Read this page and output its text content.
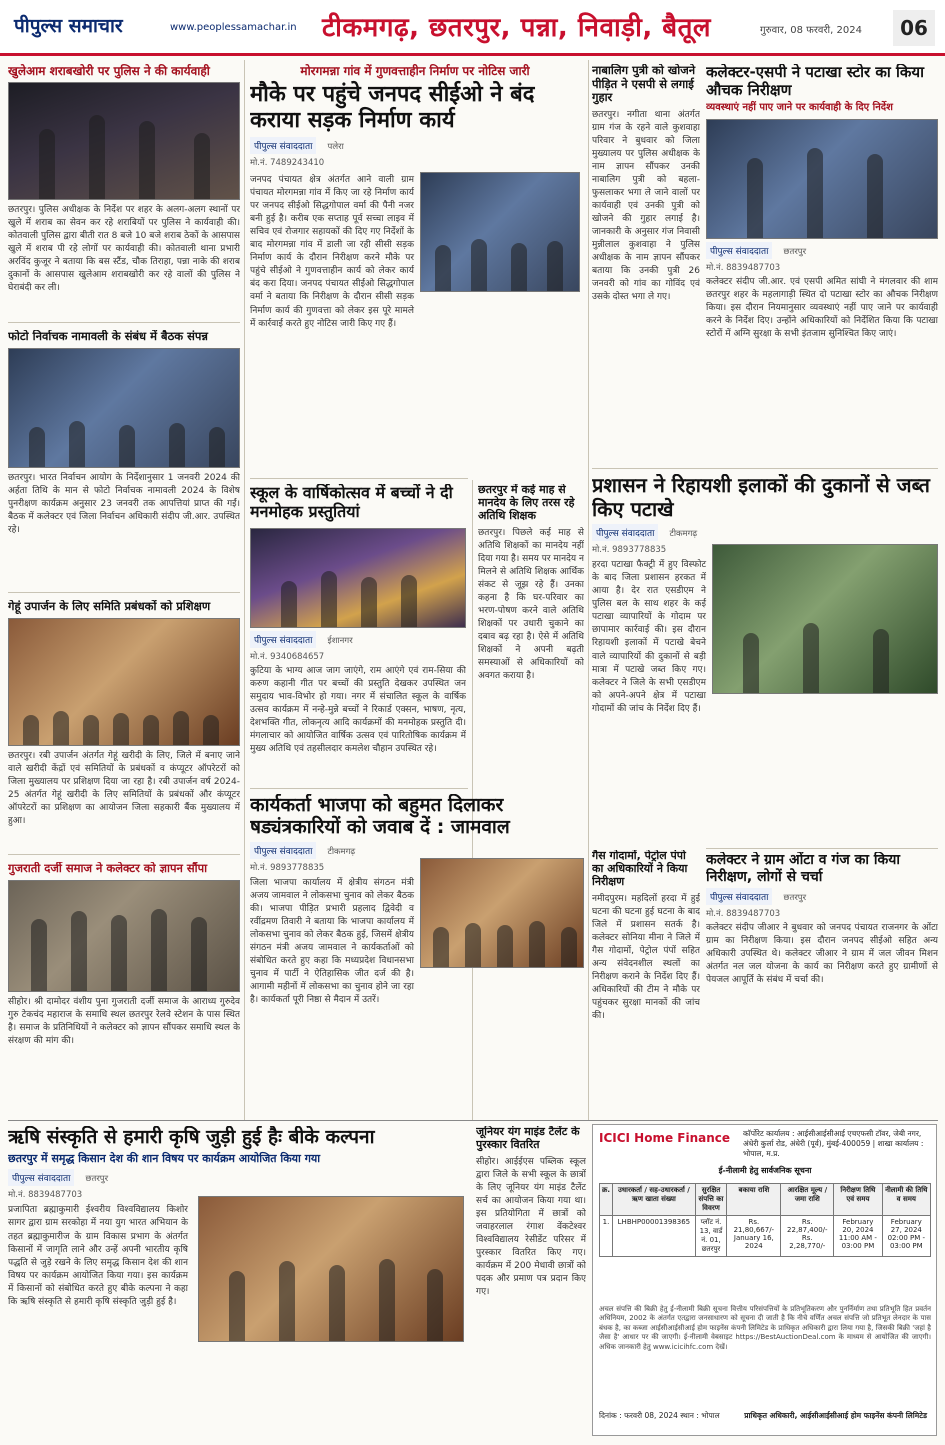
पीपुल्स समाचार	www.peoplessamachar.in टीकमगढ़, छतरपुर, पन्ना, निवाड़ी, बैतूल	गुरुवार, 08 फरवरी, 2024	06
खुलेआम शराबखोरी पर पुलिस ने की कार्यवाही

छतरपुर। पुलिस अधीक्षक के निर्देश पर शहर के अलग-अलग स्थानों पर खुले में शराब का सेवन कर रहे शराबियों पर पुलिस ने कार्यवाही की। कोतवाली पुलिस द्वारा बीती रात 8 बजे 10 बजे शराब ठेकों के आसपास खुले में शराब पी रहे लोगों पर कार्यवाही की। कोतवाली थाना प्रभारी अरविंद कुजूर ने बताया कि बस स्टैंड, चौक तिराहा, पन्ना नाके की शराब दुकानों के आसपास खुलेआम शराबखोरी कर रहे वालों की पुलिस ने घेराबंदी कर ली।

फोटो निर्वाचक नामावली के संबंध में बैठक संपन्न

छतरपुर। भारत निर्वाचन आयोग के निर्देशानुसार 1 जनवरी 2024 की अर्हता तिथि के मान से फोटो निर्वाचक नामावली 2024 के विशेष पुनरीक्षण कार्यक्रम अनुसार 23 जनवरी तक आपत्तियां प्राप्त की गईं। बैठक में कलेक्टर एवं जिला निर्वाचन अधिकारी संदीप जी.आर. उपस्थित रहे।

गेहूं उपार्जन के लिए समिति प्रबंधकों को प्रशिक्षण

छतरपुर। रबी उपार्जन अंतर्गत गेहूं खरीदी के लिए, जिले में बनाए जाने वाले खरीदी केंद्रों एवं समितियों के प्रबंधकों व कंप्यूटर ऑपरेटरों को जिला मुख्यालय पर प्रशिक्षण दिया जा रहा है। रबी उपार्जन वर्ष 2024-25 अंतर्गत गेहूं खरीदी के लिए समितियों के प्रबंधकों और कंप्यूटर ऑपरेटरों का प्रशिक्षण का आयोजन जिला सहकारी बैंक मुख्यालय में हुआ।

गुजराती दर्जी समाज ने कलेक्टर को ज्ञापन सौंपा

सीहोर। श्री दामोदर वंशीय पुना गुजराती दर्जी समाज के आराध्य गुरुदेव गुरु टेकचंद महाराज के समाधि स्थल छतरपुर रेलवे स्टेशन के पास स्थित है। समाज के प्रतिनिधियों ने कलेक्टर को ज्ञापन सौंपकर समाधि स्थल के संरक्षण की मांग की।

मोरगमन्ना गांव में गुणवत्ताहीन निर्माण पर नोटिस जारी
मौके पर पहुंचे जनपद सीईओ ने बंद कराया सड़क निर्माण कार्य
पीपुल्स संवाददाता पलेरा
मो.नं. 7489243410

जनपद पंचायत क्षेत्र अंतर्गत आने वाली ग्राम पंचायत मोरगमन्ना गांव में किए जा रहे निर्माण कार्य पर जनपद सीईओ सिद्धगोपाल वर्मा की पैनी नजर बनी हुई है। करीब एक सप्ताह पूर्व सच्चा लाइव में सचिव एवं रोजगार सहायकों की दिए गए निर्देशों के बाद मोरगमन्ना गांव में डाली जा रही सीसी सड़क निर्माण कार्य के दौरान निरीक्षण करने मौके पर पहुंचे सीईओ ने गुणवत्ताहीन कार्य को लेकर कार्य बंद करा दिया। जनपद पंचायत सीईओ सिद्धगोपाल वर्मा ने बताया कि निरीक्षण के दौरान सीसी सड़क निर्माण कार्य की गुणवत्ता को लेकर इस पूरे मामले में कार्रवाई करते हुए नोटिस जारी किए गए हैं।

स्कूल के वार्षिकोत्सव में बच्चों ने दी मनमोहक प्रस्तुतियां
पीपुल्स संवाददाता ईशानगर
मो.नं. 9340684657

कुटिया के भाग्य आज जाग जाएंगे, राम आएंगे एवं राम-सिया की करुण कहानी गीत पर बच्चों की प्रस्तुति देखकर उपस्थित जन समुदाय भाव-विभोर हो गया। नगर में संचालित स्कूल के वार्षिक उत्सव कार्यक्रम में नन्हे-मुन्ने बच्चों ने रिकार्ड एक्सन, भाषण, नृत्य, देशभक्ति गीत, लोकनृत्य आदि कार्यक्रमों की मनमोहक प्रस्तुति दी। मंगलाचार को आयोजित वार्षिक उत्सव एवं पारितोषिक कार्यक्रम में मुख्य अतिथि एवं तहसीलदार कमलेश चौहान उपस्थित रहे।

कार्यकर्ता भाजपा को बहुमत दिलाकर षड्यंत्रकारियों को जवाब दें : जामवाल
पीपुल्स संवाददाता टीकमगढ़
मो.नं. 9893778835

जिला भाजपा कार्यालय में क्षेत्रीय संगठन मंत्री अजय जामवाल ने लोकसभा चुनाव को लेकर बैठक की। भाजपा पीड़ित प्रभारी प्रहलाद द्विवेदी व रवींद्रमण तिवारी ने बताया कि भाजपा कार्यालय में लोकसभा चुनाव को लेकर बैठक हुई, जिसमें क्षेत्रीय संगठन मंत्री अजय जामवाल ने कार्यकर्ताओं को संबोधित करते हुए कहा कि मध्यप्रदेश विधानसभा चुनाव में पार्टी ने ऐतिहासिक जीत दर्ज की है। आगामी महीनों में लोकसभा का चुनाव होने जा रहा है। कार्यकर्ता पूरी निष्ठा से मैदान में उतरें।

नाबालिग पुत्री को खोजने पीड़ित ने एसपी से लगाई गुहार

छतरपुर। नगीता थाना अंतर्गत ग्राम गंज के रहने वाले कुशवाहा परिवार ने बुधवार को जिला मुख्यालय पर पुलिस अधीक्षक के नाम ज्ञापन सौंपकर उनकी नाबालिग पुत्री को बहला-फुसलाकर भगा ले जाने वालों पर कार्यवाही एवं उनकी पुत्री को खोजने की गुहार लगाई है। जानकारी के अनुसार गंज निवासी मुन्नीलाल कुशवाहा ने पुलिस अधीक्षक के नाम ज्ञापन सौंपकर बताया कि उनकी पुत्री 26 जनवरी को गांव का गोविंद एवं उसके दोस्त भगा ले गए।

छतरपुर में कई माह से मानदेय के लिए तरस रहे अतिथि शिक्षक

छतरपुर। पिछले कई माह से अतिथि शिक्षकों का मानदेय नहीं दिया गया है। समय पर मानदेय न मिलने से अतिथि शिक्षक आर्थिक संकट से जूझ रहे हैं। उनका कहना है कि घर-परिवार का भरण-पोषण करने वाले अतिथि शिक्षकों पर उधारी चुकाने का दबाव बढ़ रहा है। ऐसे में अतिथि शिक्षकों ने अपनी बढ़ती समस्याओं से अधिकारियों को अवगत कराया है।

गैस गोदामों, पेट्रोल पंपो का अधिकारियों ने किया निरीक्षण

नमीदपुरम। महदिलों हरदा में हुई घटना की घटना हुई घटना के बाद जिले में प्रशासन सतर्क है। कलेक्टर सोनिया मीना ने जिले में गैस गोदामों, पेट्रोल पंपों सहित अन्य संवेदनशील स्थलों का निरीक्षण कराने के निर्देश दिए हैं। अधिकारियों की टीम ने मौके पर पहुंचकर सुरक्षा मानकों की जांच की।

कलेक्टर-एसपी ने पटाखा स्टोर का किया औचक निरीक्षण
व्यवस्थाएं नहीं पाए जाने पर कार्यवाही के दिए निर्देश
पीपुल्स संवाददाता छतरपुर
मो.नं. 8839487703

कलेक्टर संदीप जी.आर. एवं एसपी अमित सांघी ने मंगलवार की शाम छतरपुर शहर के महलागाड़ी स्थित दो पटाखा स्टोर का औचक निरीक्षण किया। इस दौरान नियमानुसार व्यवस्थाएं नहीं पाए जाने पर कार्यवाही करने के निर्देश दिए। उन्होंने अधिकारियों को निर्देशित किया कि पटाखा स्टोरों में अग्नि सुरक्षा के सभी इंतजाम सुनिश्चित किए जाएं।

प्रशासन ने रिहायशी इलाकों की दुकानों से जब्त किए पटाखे
पीपुल्स संवाददाता टीकमगढ़
मो.नं. 9893778835

हरदा पटाखा फैक्ट्री में हुए विस्फोट के बाद जिला प्रशासन हरकत में आया है। देर रात एसडीएम ने पुलिस बल के साथ शहर के कई पटाखा व्यापारियों के गोदाम पर छापामार कार्रवाई की। इस दौरान रिहायशी इलाकों में पटाखे बेचने वाले व्यापारियों की दुकानों से बड़ी मात्रा में पटाखे जब्त किए गए। कलेक्टर ने जिले के सभी एसडीएम को अपने-अपने क्षेत्र में पटाखा गोदामों की जांच के निर्देश दिए हैं।

कलेक्टर ने ग्राम ओंटा व गंज का किया निरीक्षण, लोगों से चर्चा
पीपुल्स संवाददाता छतरपुर
मो.नं. 8839487703

कलेक्टर संदीप जीआर ने बुधवार को जनपद पंचायत राजनगर के ओंटा ग्राम का निरीक्षण किया। इस दौरान जनपद सीईओ सहित अन्य अधिकारी उपस्थित थे। कलेक्टर जीआर ने ग्राम में जल जीवन मिशन अंतर्गत नल जल योजना के कार्य का निरीक्षण करते हुए ग्रामीणों से पेयजल आपूर्ति के संबंध में चर्चा की।

ऋषि संस्कृति से हमारी कृषि जुड़ी हुई हैः बीके कल्पना
छतरपुर में समृद्ध किसान देश की शान विषय पर कार्यक्रम आयोजित किया गया
पीपुल्स संवाददाता छतरपुर
मो.नं. 8839487703

प्रजापिता ब्रह्माकुमारी ईश्वरीय विश्वविद्यालय किशोर सागर द्वारा ग्राम सरकोहा में नया युग भारत अभियान के तहत ब्रह्माकुमारीज के ग्राम विकास प्रभाग के अंतर्गत किसानों में जागृति लाने और उन्हें अपनी भारतीय कृषि पद्धति से जुड़े रखने के लिए समृद्ध किसान देश की शान विषय पर कार्यक्रम आयोजित किया गया। इस कार्यक्रम में किसानों को संबोधित करते हुए बीके कल्पना ने कहा कि ऋषि संस्कृति से हमारी कृषि संस्कृति जुड़ी हुई है।

जूनियर यंग माइंड टैलेंट के पुरस्कार वितरित

सीहोर। आईईएस पब्लिक स्कूल द्वारा जिले के सभी स्कूल के छात्रों के लिए जूनियर यंग माइंड टैलेंट सर्च का आयोजन किया गया था। इस प्रतियोगिता में छात्रों को जवाहरलाल रंगाश वेंकटेश्वर विश्वविद्यालय रेसीडेंट परिसर में पुरस्कार वितरित किए गए। कार्यक्रम में 200 मेधावी छात्रों को पदक और प्रमाण पत्र प्रदान किए गए।

ICICI Home Finance कॉर्पोरेट कार्यालय : आईसीआईसीआई एचएफसी टॉवर, जेबी नगर, अंधेरी कुर्ला रोड, अंधेरी (पूर्व), मुंबई-400059 | शाखा कार्यालय : भोपाल, म.प्र.
ई-नीलामी हेतु सार्वजनिक सूचना
क्र.	उधारकर्ता / सह-उधारकर्ता / ऋण खाता संख्या	सुरक्षित संपत्ति का विवरण	बकाया राशि	आरक्षित मूल्य / जमा राशि	निरीक्षण तिथि एवं समय	नीलामी की तिथि व समय
1.	LHBHP00001398365	प्लॉट नं. 13, वार्ड नं. 01, छतरपुर	Rs. 21,80,667/- January 16, 2024	Rs. 22,87,400/- Rs. 2,28,770/-	February 20, 2024 11:00 AM - 03:00 PM	February 27, 2024 02:00 PM - 03:00 PM

अचल संपत्ति की बिक्री हेतु ई-नीलामी बिक्री सूचना वित्तीय परिसंपत्तियों के प्रतिभूतिकरण और पुनर्निर्माण तथा प्रतिभूति हित प्रवर्तन अधिनियम, 2002 के अंतर्गत एतद्वारा जनसाधारण को सूचना दी जाती है कि नीचे वर्णित अचल संपत्ति जो प्रतिभूत लेनदार के पास बंधक है, का कब्जा आईसीआईसीआई होम फाइनेंस कंपनी लिमिटेड के प्राधिकृत अधिकारी द्वारा लिया गया है, जिसकी बिक्री 'जहां है जैसा है' आधार पर की जाएगी। ई-नीलामी वेबसाइट https://BestAuctionDeal.com के माध्यम से आयोजित की जाएगी। अधिक जानकारी हेतु www.icicihfc.com देखें।

दिनांक : फरवरी 08, 2024 स्थान : भोपाल	प्राधिकृत अधिकारी, आईसीआईसीआई होम फाइनेंस कंपनी लिमिटेड
